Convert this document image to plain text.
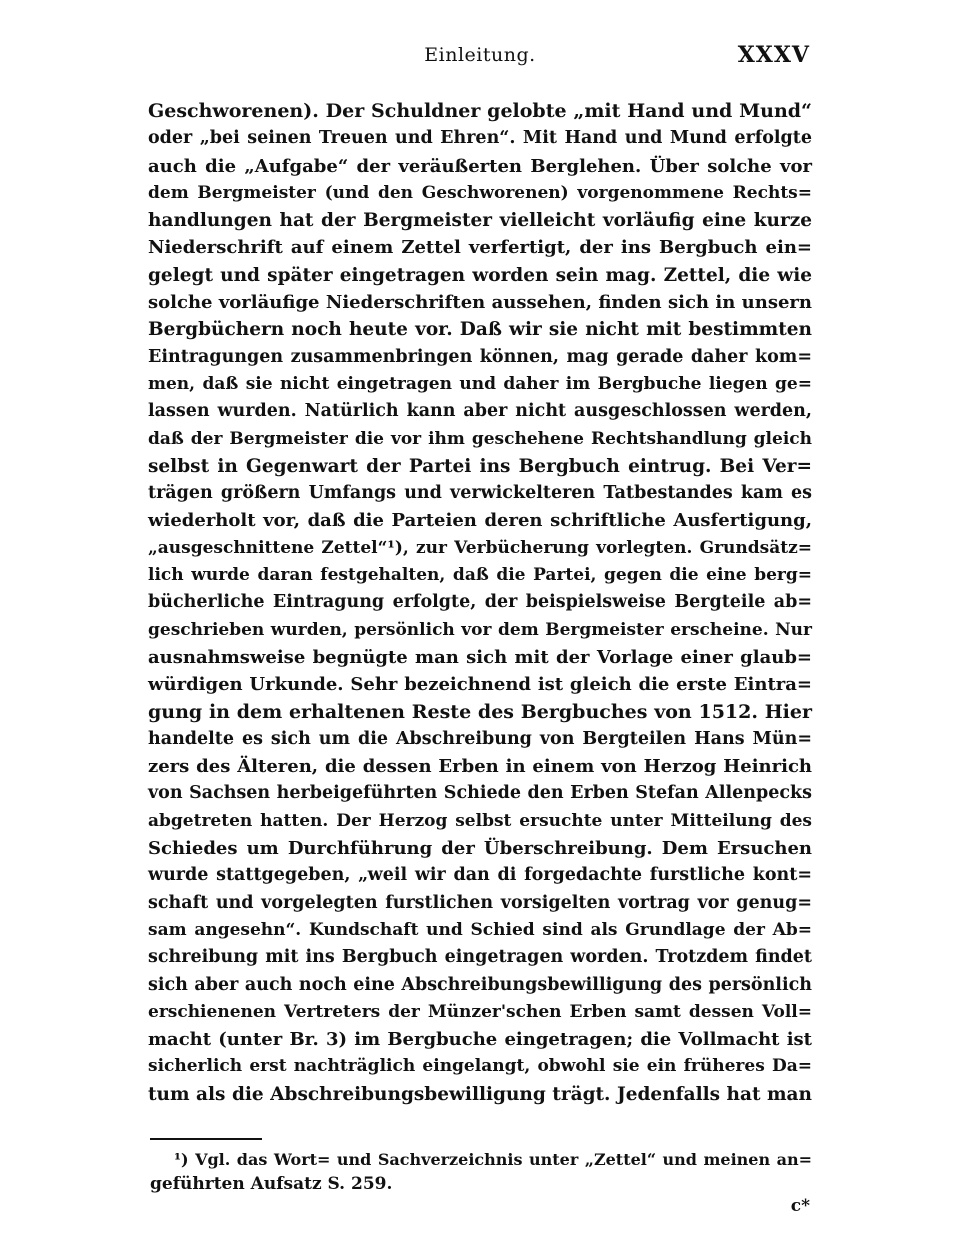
Einleitung.	XXXV
Geschworenen). Der Schuldner gelobte „mit Hand und Mund“
oder „bei seinen Treuen und Ehren“. Mit Hand und Mund erfolgte
auch die „Aufgabe“ der veräußerten Berglehen. Über solche vor
dem Bergmeister (und den Geschworenen) vorgenommene Rechts=
handlungen hat der Bergmeister vielleicht vorläufig eine kurze
Niederschrift auf einem Zettel verfertigt, der ins Bergbuch ein=
gelegt und später eingetragen worden sein mag. Zettel, die wie
solche vorläufige Niederschriften aussehen, finden sich in unsern
Bergbüchern noch heute vor. Daß wir sie nicht mit bestimmten
Eintragungen zusammenbringen können, mag gerade daher kom=
men, daß sie nicht eingetragen und daher im Bergbuche liegen ge=
lassen wurden. Natürlich kann aber nicht ausgeschlossen werden,
daß der Bergmeister die vor ihm geschehene Rechtshandlung gleich
selbst in Gegenwart der Partei ins Bergbuch eintrug. Bei Ver=
trägen größern Umfangs und verwickelteren Tatbestandes kam es
wiederholt vor, daß die Parteien deren schriftliche Ausfertigung,
„ausgeschnittene Zettel“¹), zur Verbücherung vorlegten. Grundsätz=
lich wurde daran festgehalten, daß die Partei, gegen die eine berg=
bücherliche Eintragung erfolgte, der beispielsweise Bergteile ab=
geschrieben wurden, persönlich vor dem Bergmeister erscheine. Nur
ausnahmsweise begnügte man sich mit der Vorlage einer glaub=
würdigen Urkunde. Sehr bezeichnend ist gleich die erste Eintra=
gung in dem erhaltenen Reste des Bergbuches von 1512. Hier
handelte es sich um die Abschreibung von Bergteilen Hans Mün=
zers des Älteren, die dessen Erben in einem von Herzog Heinrich
von Sachsen herbeigeführten Schiede den Erben Stefan Allenpecks
abgetreten hatten. Der Herzog selbst ersuchte unter Mitteilung des
Schiedes um Durchführung der Überschreibung. Dem Ersuchen
wurde stattgegeben, „weil wir dan di forgedachte furstliche kont=
schaft und vorgelegten furstlichen vorsigelten vortrag vor genug=
sam angesehn“. Kundschaft und Schied sind als Grundlage der Ab=
schreibung mit ins Bergbuch eingetragen worden. Trotzdem findet
sich aber auch noch eine Abschreibungsbewilligung des persönlich
erschienenen Vertreters der Münzer'schen Erben samt dessen Voll=
macht (unter Br. 3) im Bergbuche eingetragen; die Vollmacht ist
sicherlich erst nachträglich eingelangt, obwohl sie ein früheres Da=
tum als die Abschreibungsbewilligung trägt. Jedenfalls hat man
¹) Vgl. das Wort= und Sachverzeichnis unter „Zettel“ und meinen an=
geführten Aufsatz S. 259.
c*
